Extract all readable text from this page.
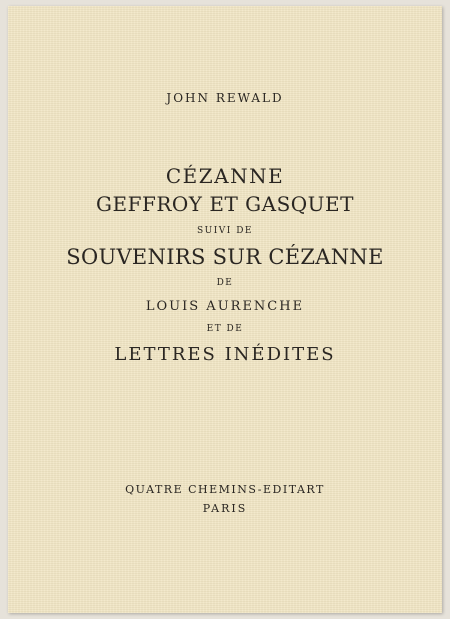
JOHN REWALD
CÉZANNE
GEFFROY ET GASQUET
SUIVI DE
SOUVENIRS SUR CÉZANNE
DE
LOUIS AURENCHE
ET DE
LETTRES INÉDITES
QUATRE CHEMINS-EDITART
PARIS
